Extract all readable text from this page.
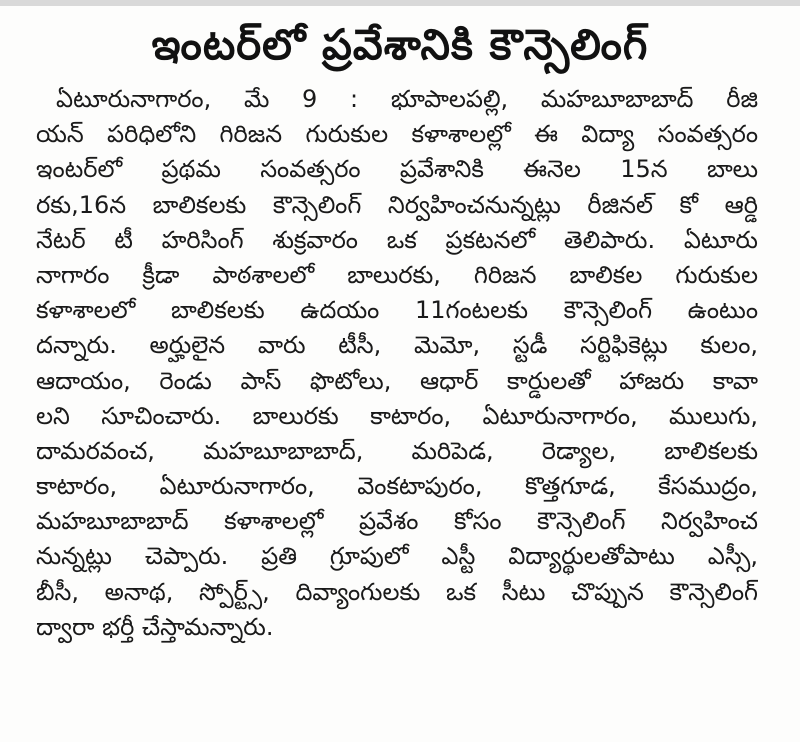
ఇంటర్‌లో ప్రవేశానికి కౌన్సెలింగ్
ఏటూరునాగారం, మే 9 : భూపాలపల్లి, మహబూబాబాద్ రీజి
యన్ పరిధిలోని గిరిజన గురుకుల కళాశాలల్లో ఈ విద్యా సంవత్సరం
ఇంటర్‌లో ప్రథమ సంవత్సరం ప్రవేశానికి ఈనెల 15న బాలు
రకు,16న బాలికలకు కౌన్సెలింగ్ నిర్వహించనున్నట్లు రీజినల్ కో ఆర్డి
నేటర్ టీ హరిసింగ్ శుక్రవారం ఒక ప్రకటనలో తెలిపారు. ఏటూరు
నాగారం క్రీడా పాఠశాలలో బాలురకు, గిరిజన బాలికల గురుకుల
కళాశాలలో బాలికలకు ఉదయం 11గంటలకు కౌన్సెలింగ్ ఉంటుం
దన్నారు. అర్హులైన వారు టీసీ, మెమో, స్టడీ సర్టిఫికెట్లు కులం,
ఆదాయం, రెండు పాస్ ఫొటోలు, ఆధార్ కార్డులతో హాజరు కావా
లని సూచించారు. బాలురకు కాటారం, ఏటూరునాగారం, ములుగు,
దామరవంచ, మహబూబాబాద్, మరిపెడ, రెడ్యాల, బాలికలకు
కాటారం, ఏటూరునాగారం, వెంకటాపురం, కొత్తగూడ, కేసముద్రం,
మహబూబాబాద్ కళాశాలల్లో ప్రవేశం కోసం కౌన్సెలింగ్ నిర్వహించ
నున్నట్లు చెప్పారు. ప్రతి గ్రూపులో ఎస్టీ విద్యార్థులతోపాటు ఎస్సీ,
బీసీ, అనాథ, స్పోర్ట్స్, దివ్యాంగులకు ఒక సీటు చొప్పున కౌన్సెలింగ్
ద్వారా భర్తీ చేస్తామన్నారు.
